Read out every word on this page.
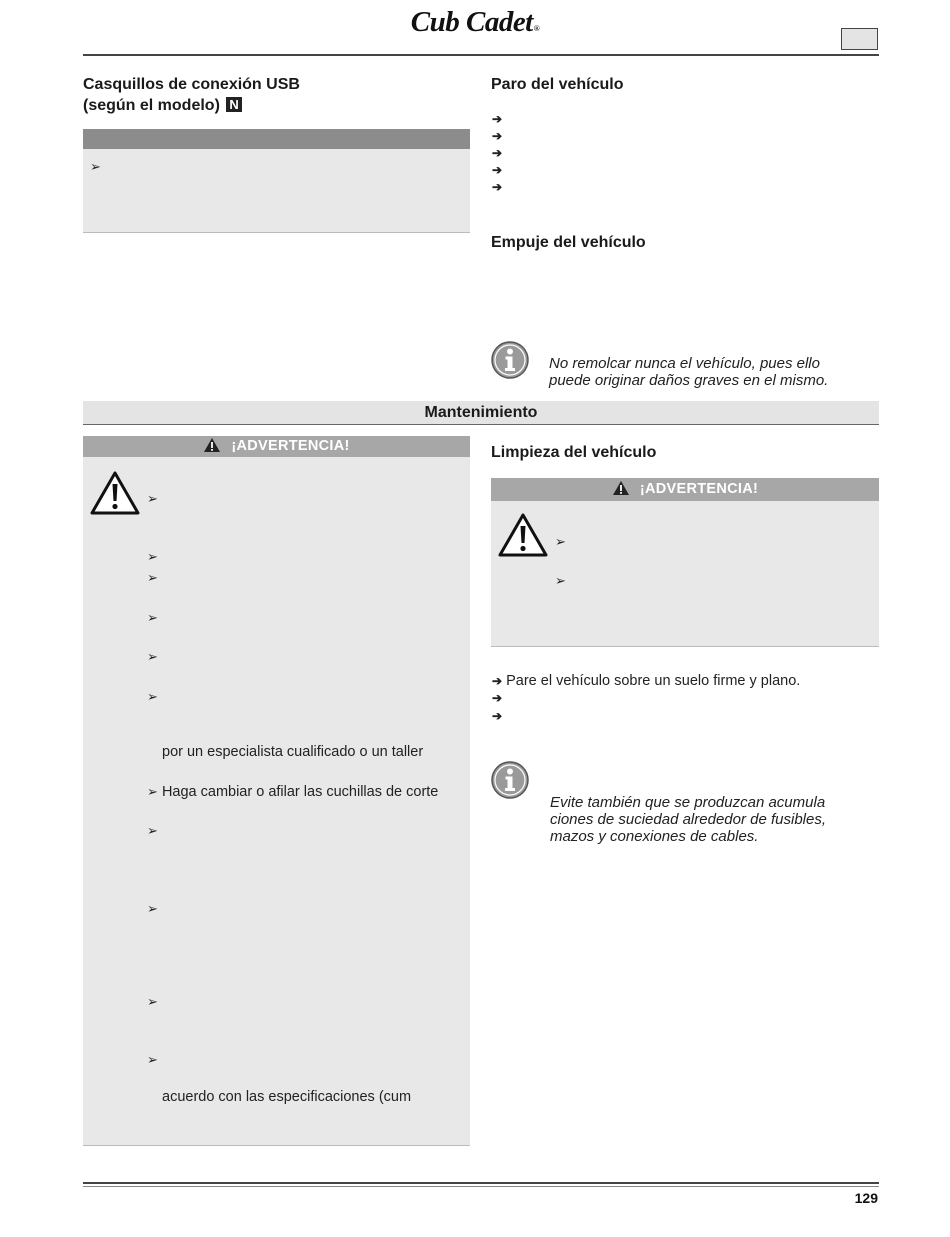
Cub Cadet®
Casquillos de conexión USB
(según el modelo) N
➢
Paro del vehículo
➔
➔
➔
➔
➔
Empuje del vehículo
No remolcar nunca el vehículo, pues ello
puede originar daños graves en el mismo.
Mantenimiento
¡ADVERTENCIA!
➢
➢
➢
➢
➢
➢
por un especialista cualificado o un taller
➢ Haga cambiar o afilar las cuchillas de corte
➢
➢
➢
➢
acuerdo con las especificaciones (cum
Limpieza del vehículo
¡ADVERTENCIA!
➢
➢
➔ Pare el vehículo sobre un suelo firme y plano.
➔
➔
Evite también que se produzcan acumula
ciones de suciedad alrededor de fusibles,
mazos y conexiones de cables.
129
